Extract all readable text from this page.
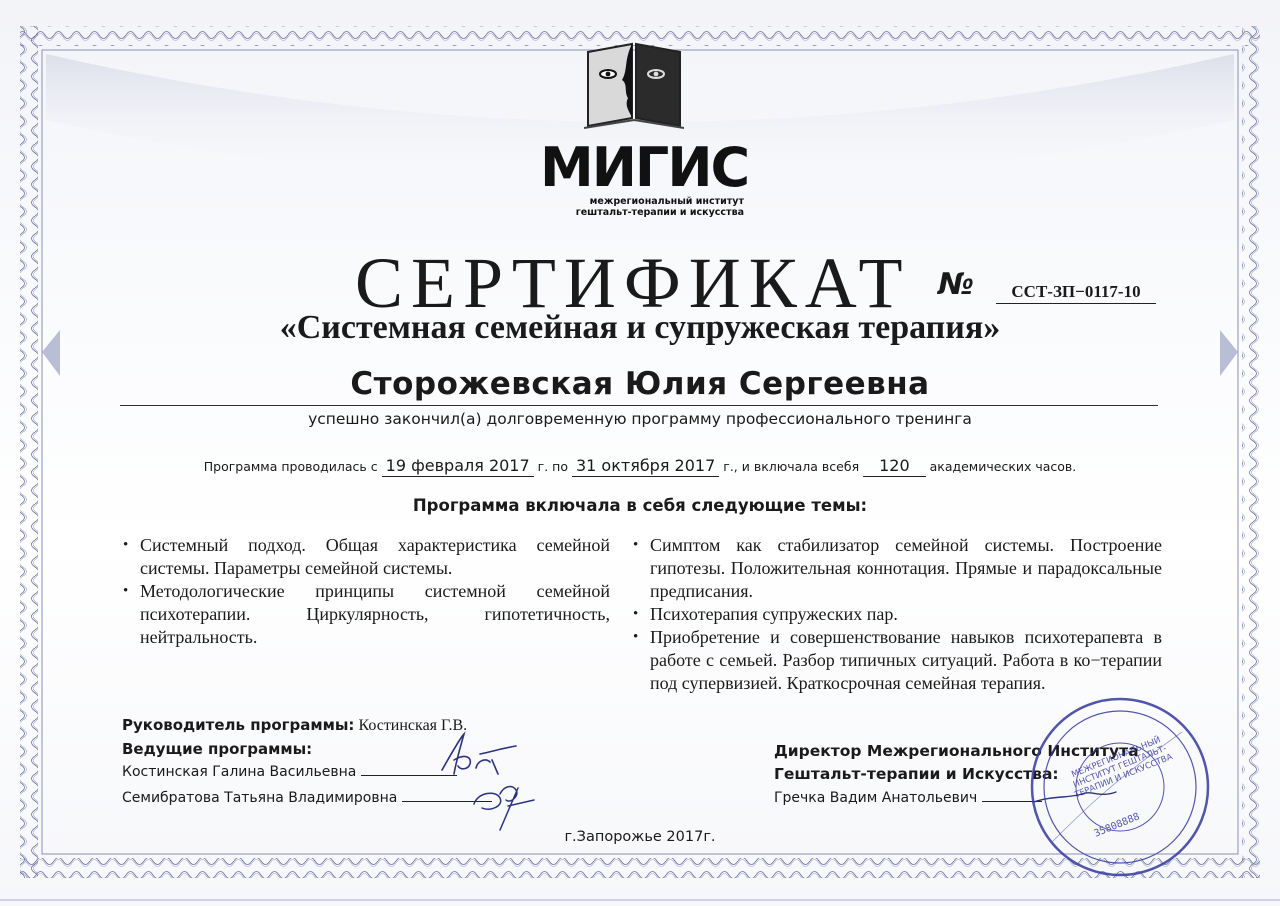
МИГИС
межрегиональный институт
гештальт-терапии и искусства
СЕРТИФИКАТ №	СCТ-ЗП−0117-10
«Системная семейная и супружеская терапия»
Сторожевская Юлия Сергеевна
успешно закончил(а) долговременную программу профессионального тренинга
Программа проводилась с 19 февраля 2017 г. по 31 октября 2017 г., и включала всебя 120 академических часов.
Программа включала в себя следующие темы:
• Системный подход. Общая характеристика семейной системы. Параметры семейной системы.
• Методологические принципы системной семейной психотерапии. Циркулярность, гипотетичность, нейтральность.
• Симптом как стабилизатор семейной системы. Построение гипотезы. Положительная коннотация. Прямые и парадоксальные предписания.
• Психотерапия супружеских пар.
• Приобретение и совершенствование навыков психотерапевта в работе с семьей. Разбор типичных ситуаций. Работа в ко−терапии под супервизией. Краткосрочная семейная терапия.
Руководитель программы: Костинская Г.В.
Ведущие программы:
Костинская Галина Васильевна
Семибратова Татьяна Владимировна
Директор Межрегионального Института
Гештальт-терапии и Искусства:
Гречка Вадим Анатольевич
МЕЖРЕГИОНАЛЬНЫЙ ИНСТИТУТ ГЕШТАЛЬТ-ТЕРАПИИ И ИСКУССТВА
35808888
г.Запорожье 2017г.
